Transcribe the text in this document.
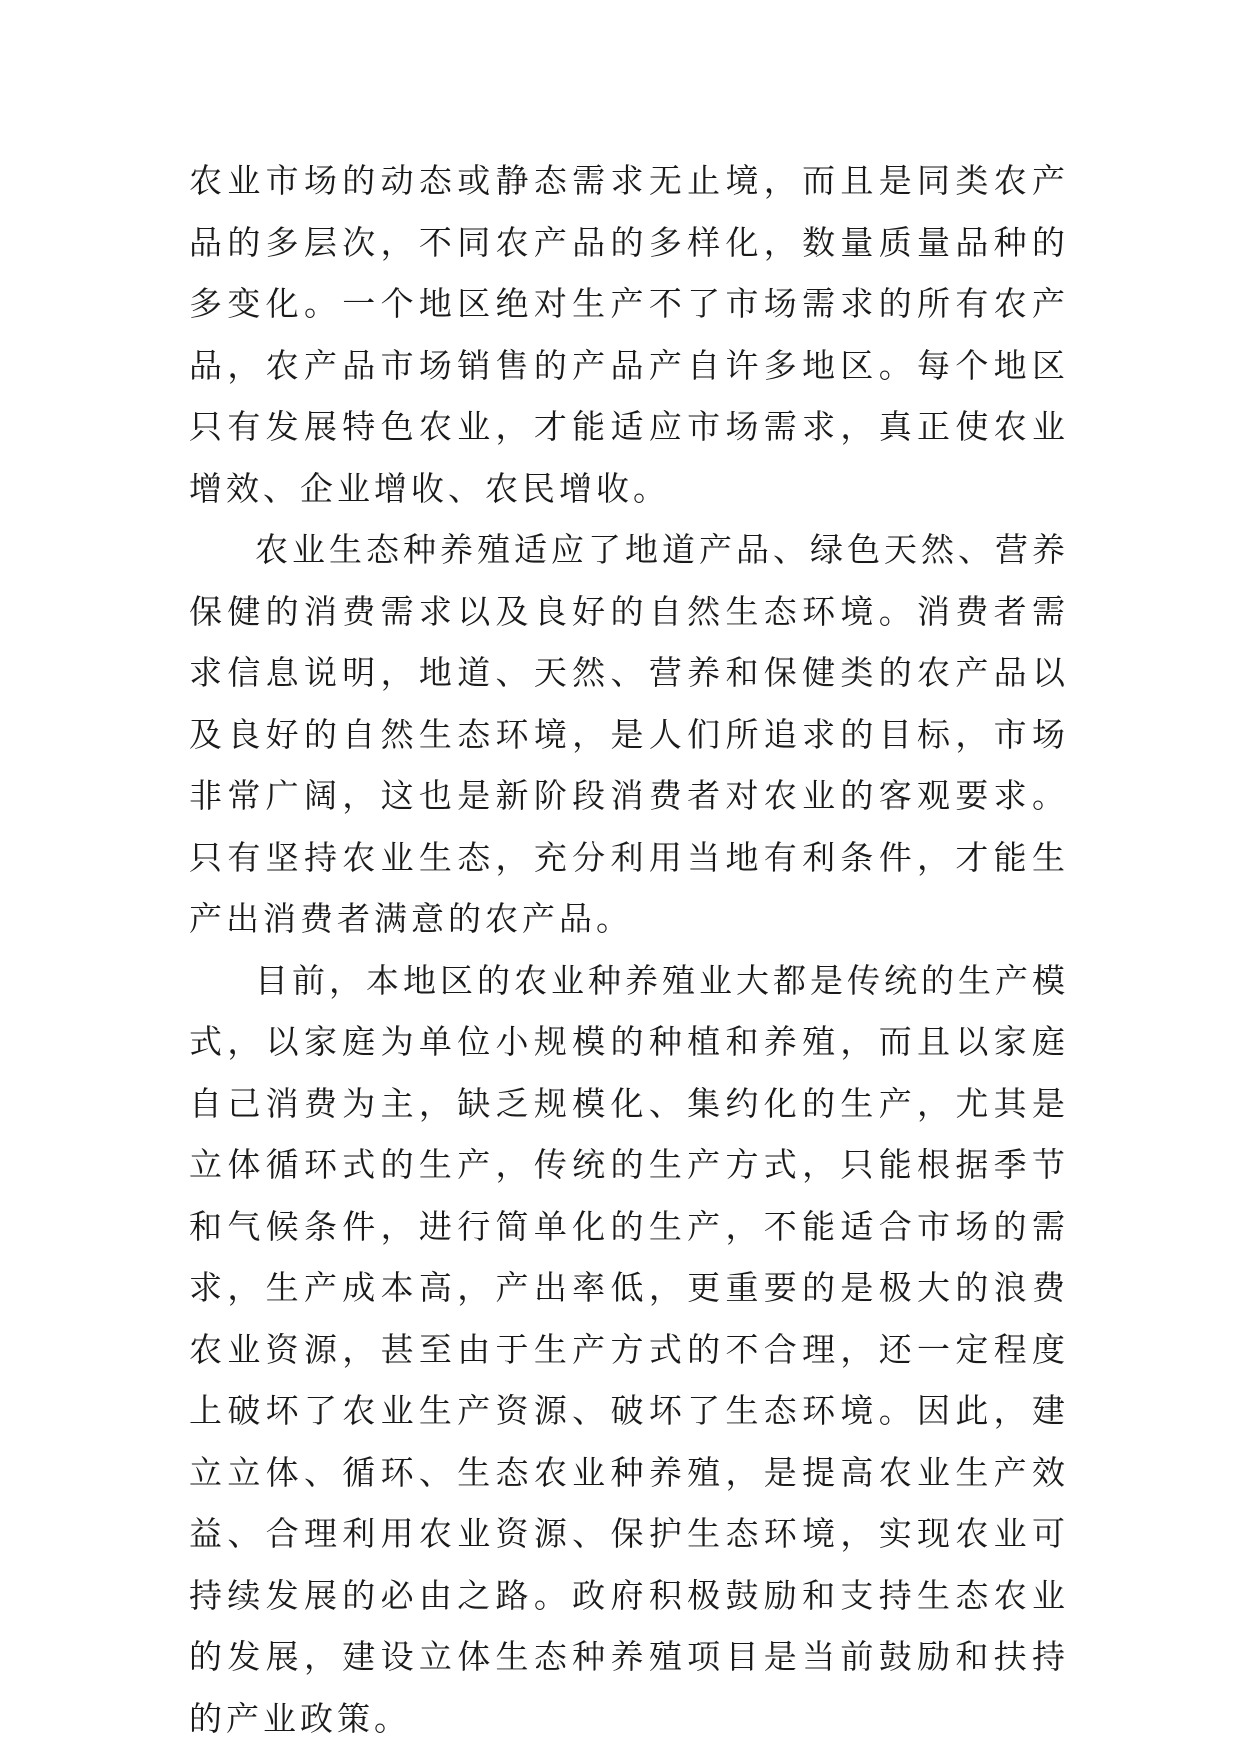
农业市场的动态或静态需求无止境，而且是同类农产品的多层次，不同农产品的多样化，数量质量品种的多变化。一个地区绝对生产不了市场需求的所有农产品，农产品市场销售的产品产自许多地区。每个地区只有发展特色农业，才能适应市场需求，真正使农业增效、企业增收、农民增收。

农业生态种养殖适应了地道产品、绿色天然、营养保健的消费需求以及良好的自然生态环境。消费者需求信息说明，地道、天然、营养和保健类的农产品以及良好的自然生态环境，是人们所追求的目标，市场非常广阔，这也是新阶段消费者对农业的客观要求。只有坚持农业生态，充分利用当地有利条件，才能生产出消费者满意的农产品。

目前，本地区的农业种养殖业大都是传统的生产模式，以家庭为单位小规模的种植和养殖，而且以家庭自己消费为主，缺乏规模化、集约化的生产，尤其是立体循环式的生产，传统的生产方式，只能根据季节和气候条件，进行简单化的生产，不能适合市场的需求，生产成本高，产出率低，更重要的是极大的浪费农业资源，甚至由于生产方式的不合理，还一定程度上破坏了农业生产资源、破坏了生态环境。因此，建立立体、循环、生态农业种养殖，是提高农业生产效益、合理利用农业资源、保护生态环境，实现农业可持续发展的必由之路。政府积极鼓励和支持生态农业的发展，建设立体生态种养殖项目是当前鼓励和扶持的产业政策。
